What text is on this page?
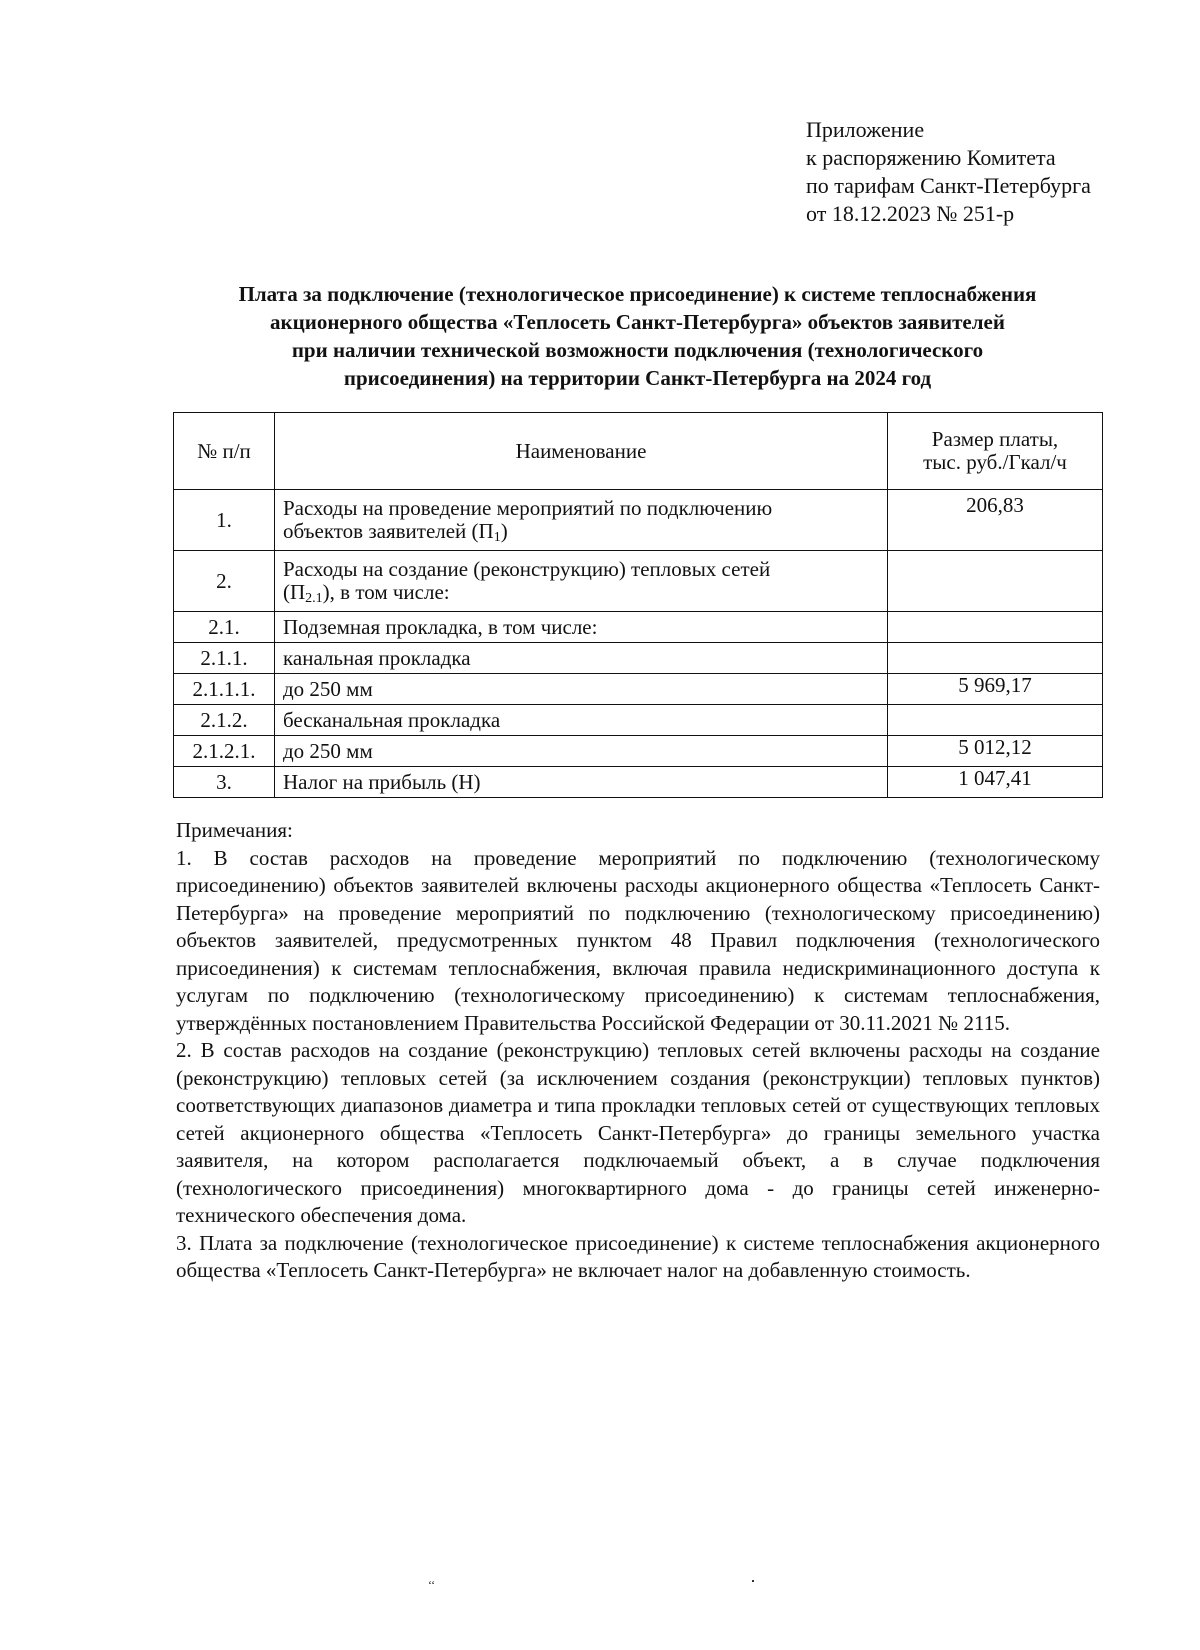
Приложение
к распоряжению Комитета
по тарифам Санкт-Петербурга
от 18.12.2023 № 251-р
Плата за подключение (технологическое присоединение) к системе теплоснабжения
акционерного общества «Теплосеть Санкт-Петербурга» объектов заявителей
при наличии технической возможности подключения (технологического
присоединения) на территории Санкт-Петербурга на 2024 год
№ п/п	Наименование	Размер платы,
тыс. руб./Гкал/ч
1.	Расходы на проведение мероприятий по подключению
объектов заявителей $(П_1)$	206,83
2.	Расходы на создание (реконструкцию) тепловых сетей
$(П_{2.1})$, в том числе:	
2.1.	Подземная прокладка, в том числе:	
2.1.1.	канальная прокладка	
2.1.1.1.	до 250 мм	5 969,17
2.1.2.	бесканальная прокладка	
2.1.2.1.	до 250 мм	5 012,12
3.	Налог на прибыль (Н)	1 047,41

Примечания:

1. В состав расходов на проведение мероприятий по подключению (технологическому присоединению) объектов заявителей включены расходы акционерного общества «Теплосеть Санкт-Петербурга» на проведение мероприятий по подключению (технологическому присоединению) объектов заявителей, предусмотренных пунктом 48 Правил подключения (технологического присоединения) к системам теплоснабжения, включая правила недискриминационного доступа к услугам по подключению (технологическому присоединению) к системам теплоснабжения, утверждённых постановлением Правительства Российской Федерации от 30.11.2021 № 2115.

2. В состав расходов на создание (реконструкцию) тепловых сетей включены расходы на создание (реконструкцию) тепловых сетей (за исключением создания (реконструкции) тепловых пунктов) соответствующих диапазонов диаметра и типа прокладки тепловых сетей от существующих тепловых сетей акционерного общества «Теплосеть Санкт-Петербурга» до границы земельного участка заявителя, на котором располагается подключаемый объект, а в случае подключения (технологического присоединения) многоквартирного дома - до границы сетей инженерно-технического обеспечения дома.

3. Плата за подключение (технологическое присоединение) к системе теплоснабжения акционерного общества «Теплосеть Санкт-Петербурга» не включает налог на добавленную стоимость.

‘‘
